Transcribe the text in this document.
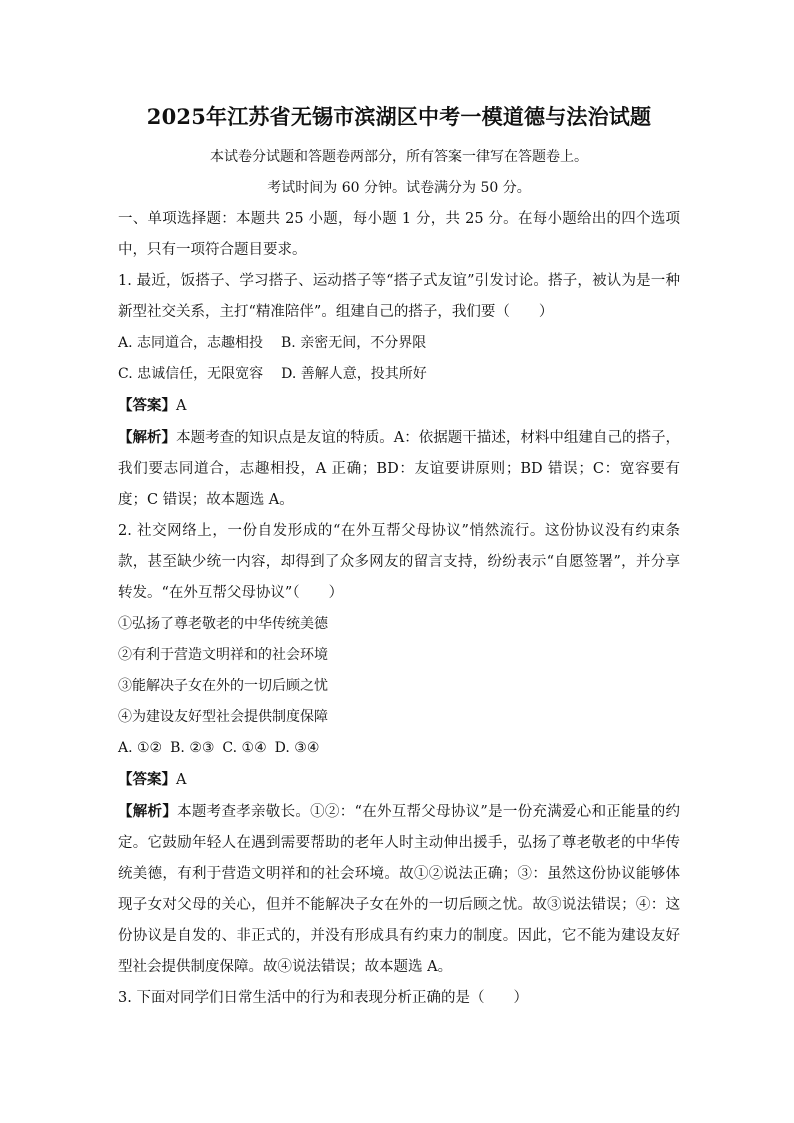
2025年江苏省无锡市滨湖区中考一模道德与法治试题

本试卷分试题和答题卷两部分，所有答案一律写在答题卷上。

考试时间为 60 分钟。试卷满分为 50 分。

一、单项选择题：本题共 25 小题，每小题 1 分，共 25 分。在每小题给出的四个选项中，只有一项符合题目要求。

1. 最近，饭搭子、学习搭子、运动搭子等“搭子式友谊”引发讨论。搭子，被认为是一种新型社交关系，主打“精准陪伴”。组建自己的搭子，我们要（　　）

A. 志同道合，志趣相投 B. 亲密无间，不分界限

C. 忠诚信任，无限宽容 D. 善解人意，投其所好

【答案】A

【解析】本题考查的知识点是友谊的特质。A：依据题干描述，材料中组建自己的搭子，我们要志同道合，志趣相投，A 正确；BD：友谊要讲原则；BD 错误；C：宽容要有度；C 错误；故本题选 A。

2. 社交网络上，一份自发形成的“在外互帮父母协议”悄然流行。这份协议没有约束条款，甚至缺少统一内容，却得到了众多网友的留言支持，纷纷表示“自愿签署”，并分享转发。“在外互帮父母协议”（　　）

①弘扬了尊老敬老的中华传统美德

②有利于营造文明祥和的社会环境

③能解决子女在外的一切后顾之忧

④为建设友好型社会提供制度保障

A. ①② B. ②③ C. ①④ D. ③④

【答案】A

【解析】本题考查孝亲敬长。①②：“在外互帮父母协议”是一份充满爱心和正能量的约定。它鼓励年轻人在遇到需要帮助的老年人时主动伸出援手，弘扬了尊老敬老的中华传统美德，有利于营造文明祥和的社会环境。故①②说法正确；③：虽然这份协议能够体现子女对父母的关心，但并不能解决子女在外的一切后顾之忧。故③说法错误；④：这份协议是自发的、非正式的，并没有形成具有约束力的制度。因此，它不能为建设友好型社会提供制度保障。故④说法错误；故本题选 A。

3. 下面对同学们日常生活中的行为和表现分析正确的是（　　）
